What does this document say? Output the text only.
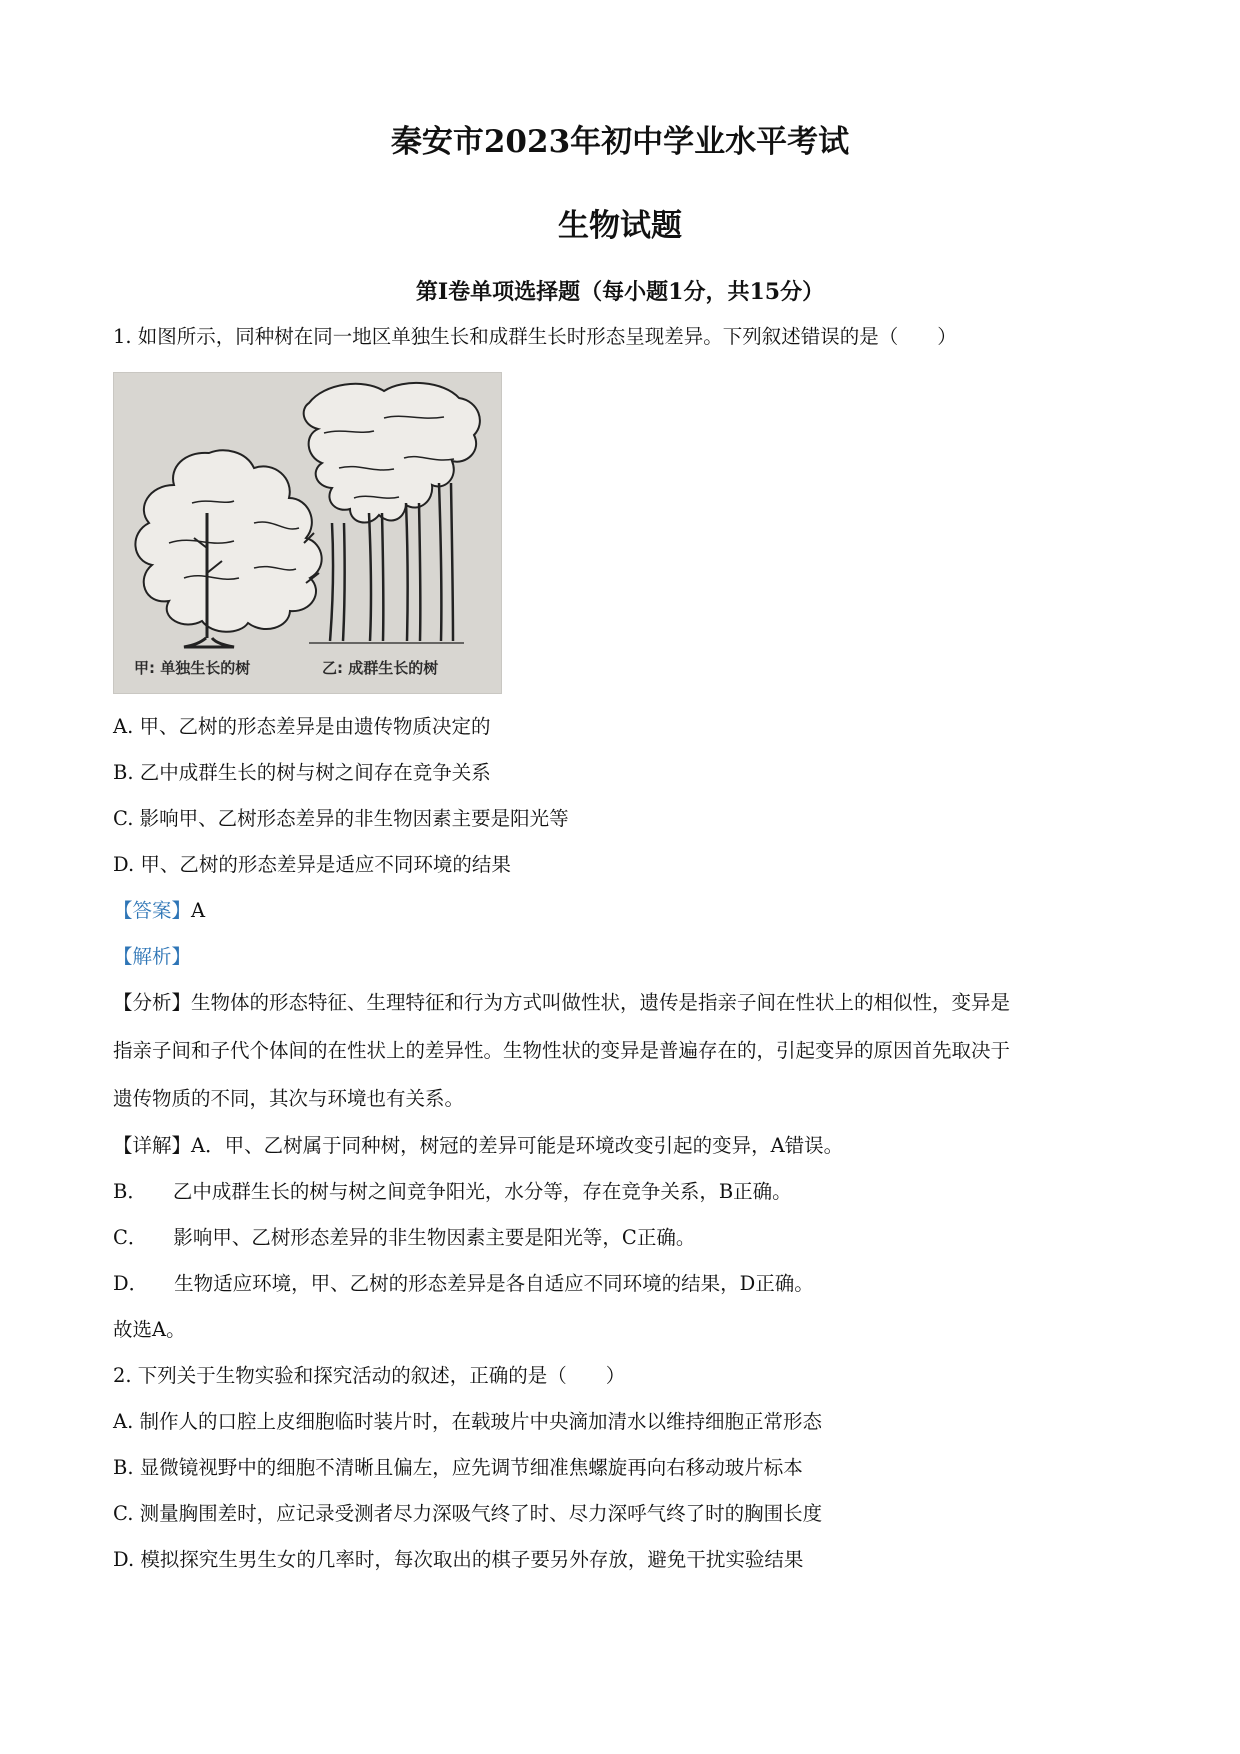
秦安市2023年初中学业水平考试
生物试题
第I卷单项选择题（每小题1分，共15分）

1. 如图所示，同种树在同一地区单独生长和成群生长时形态呈现差异。下列叙述错误的是（　　）

甲: 单独生长的树	乙: 成群生长的树

A. 甲、乙树的形态差异是由遗传物质决定的

B. 乙中成群生长的树与树之间存在竞争关系

C. 影响甲、乙树形态差异的非生物因素主要是阳光等

D. 甲、乙树的形态差异是适应不同环境的结果

【答案】A

【解析】

【分析】生物体的形态特征、生理特征和行为方式叫做性状，遗传是指亲子间在性状上的相似性，变异是

指亲子间和子代个体间的在性状上的差异性。生物性状的变异是普遍存在的，引起变异的原因首先取决于

遗传物质的不同，其次与环境也有关系。

【详解】A．甲、乙树属于同种树，树冠的差异可能是环境改变引起的变异，A错误。

B． 乙中成群生长的树与树之间竞争阳光，水分等，存在竞争关系，B正确。

C． 影响甲、乙树形态差异的非生物因素主要是阳光等，C正确。

D． 生物适应环境，甲、乙树的形态差异是各自适应不同环境的结果，D正确。

故选A。

2. 下列关于生物实验和探究活动的叙述，正确的是（　　）

A. 制作人的口腔上皮细胞临时装片时，在载玻片中央滴加清水以维持细胞正常形态

B. 显微镜视野中的细胞不清晰且偏左，应先调节细准焦螺旋再向右移动玻片标本

C. 测量胸围差时，应记录受测者尽力深吸气终了时、尽力深呼气终了时的胸围长度

D. 模拟探究生男生女的几率时，每次取出的棋子要另外存放，避免干扰实验结果
